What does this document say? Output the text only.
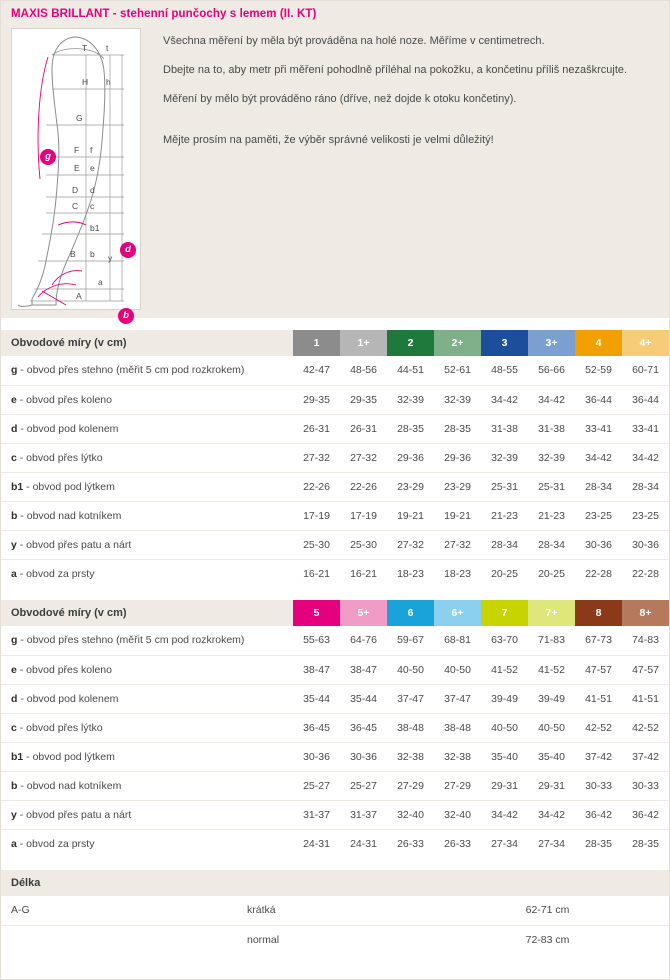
MAXIS BRILLANT - stehenní punčochy s lemem (II. KT)
T t
H h
G
F f
E e
D d
C c
b1
B b y
a
A
g
d
b

Všechna měření by měla být prováděna na holé noze. Měříme v centimetrech.

Dbejte na to, aby metr při měření pohodlně příléhal na pokožku, a končetinu příliš nezaškrcujte.

Měření by mělo být prováděno ráno (dříve, než dojde k otoku končetiny).

Mějte prosím na paměti, že výběr správné velikosti je velmi důležitý!

Obvodové míry (v cm)	1	1+	2	2+	3	3+	4	4+
g - obvod přes stehno (měřit 5 cm pod rozkrokem)	42-47	48-56	44-51	52-61	48-55	56-66	52-59	60-71
e - obvod přes koleno	29-35	29-35	32-39	32-39	34-42	34-42	36-44	36-44
d - obvod pod kolenem	26-31	26-31	28-35	28-35	31-38	31-38	33-41	33-41
c - obvod přes lýtko	27-32	27-32	29-36	29-36	32-39	32-39	34-42	34-42
b1 - obvod pod lýtkem	22-26	22-26	23-29	23-29	25-31	25-31	28-34	28-34
b - obvod nad kotníkem	17-19	17-19	19-21	19-21	21-23	21-23	23-25	23-25
y - obvod přes patu a nárt	25-30	25-30	27-32	27-32	28-34	28-34	30-36	30-36
a - obvod za prsty	16-21	16-21	18-23	18-23	20-25	20-25	22-28	22-28
Obvodové míry (v cm)	5	5+	6	6+	7	7+	8	8+
g - obvod přes stehno (měřit 5 cm pod rozkrokem)	55-63	64-76	59-67	68-81	63-70	71-83	67-73	74-83
e - obvod přes koleno	38-47	38-47	40-50	40-50	41-52	41-52	47-57	47-57
d - obvod pod kolenem	35-44	35-44	37-47	37-47	39-49	39-49	41-51	41-51
c - obvod přes lýtko	36-45	36-45	38-48	38-48	40-50	40-50	42-52	42-52
b1 - obvod pod lýtkem	30-36	30-36	32-38	32-38	35-40	35-40	37-42	37-42
b - obvod nad kotníkem	25-27	25-27	27-29	27-29	29-31	29-31	30-33	30-33
y - obvod přes patu a nárt	31-37	31-37	32-40	32-40	34-42	34-42	36-42	36-42
a - obvod za prsty	24-31	24-31	26-33	26-33	27-34	27-34	28-35	28-35
Délka		
A-G	krátká	62-71 cm
	normal	72-83 cm
